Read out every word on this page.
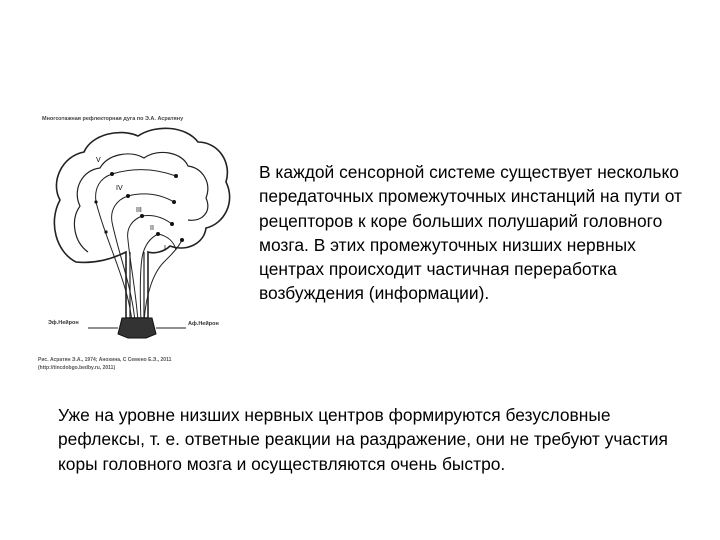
Многоэтажная рефлекторная дуга по Э.А. Асратяну
V
IV
III
II
I
Эф.Нейрон	Аф.Нейрон
Рис. Асратян Э.А., 1974; Анохина, С Семено Е.Э., 2011
(http://tincdobgo.bedby.ru, 2011)

В каждой сенсорной системе существует несколько передаточных промежуточных инстанций на пути от рецепторов к коре больших полушарий головного мозга. В этих промежуточных низших нервных центрах происходит частичная переработка возбуждения (информации).

Уже на уровне низших нервных центров формируются безусловные рефлексы, т. е. ответные реакции на раздражение, они не требуют участия коры головного мозга и осуществляются очень быстро.
